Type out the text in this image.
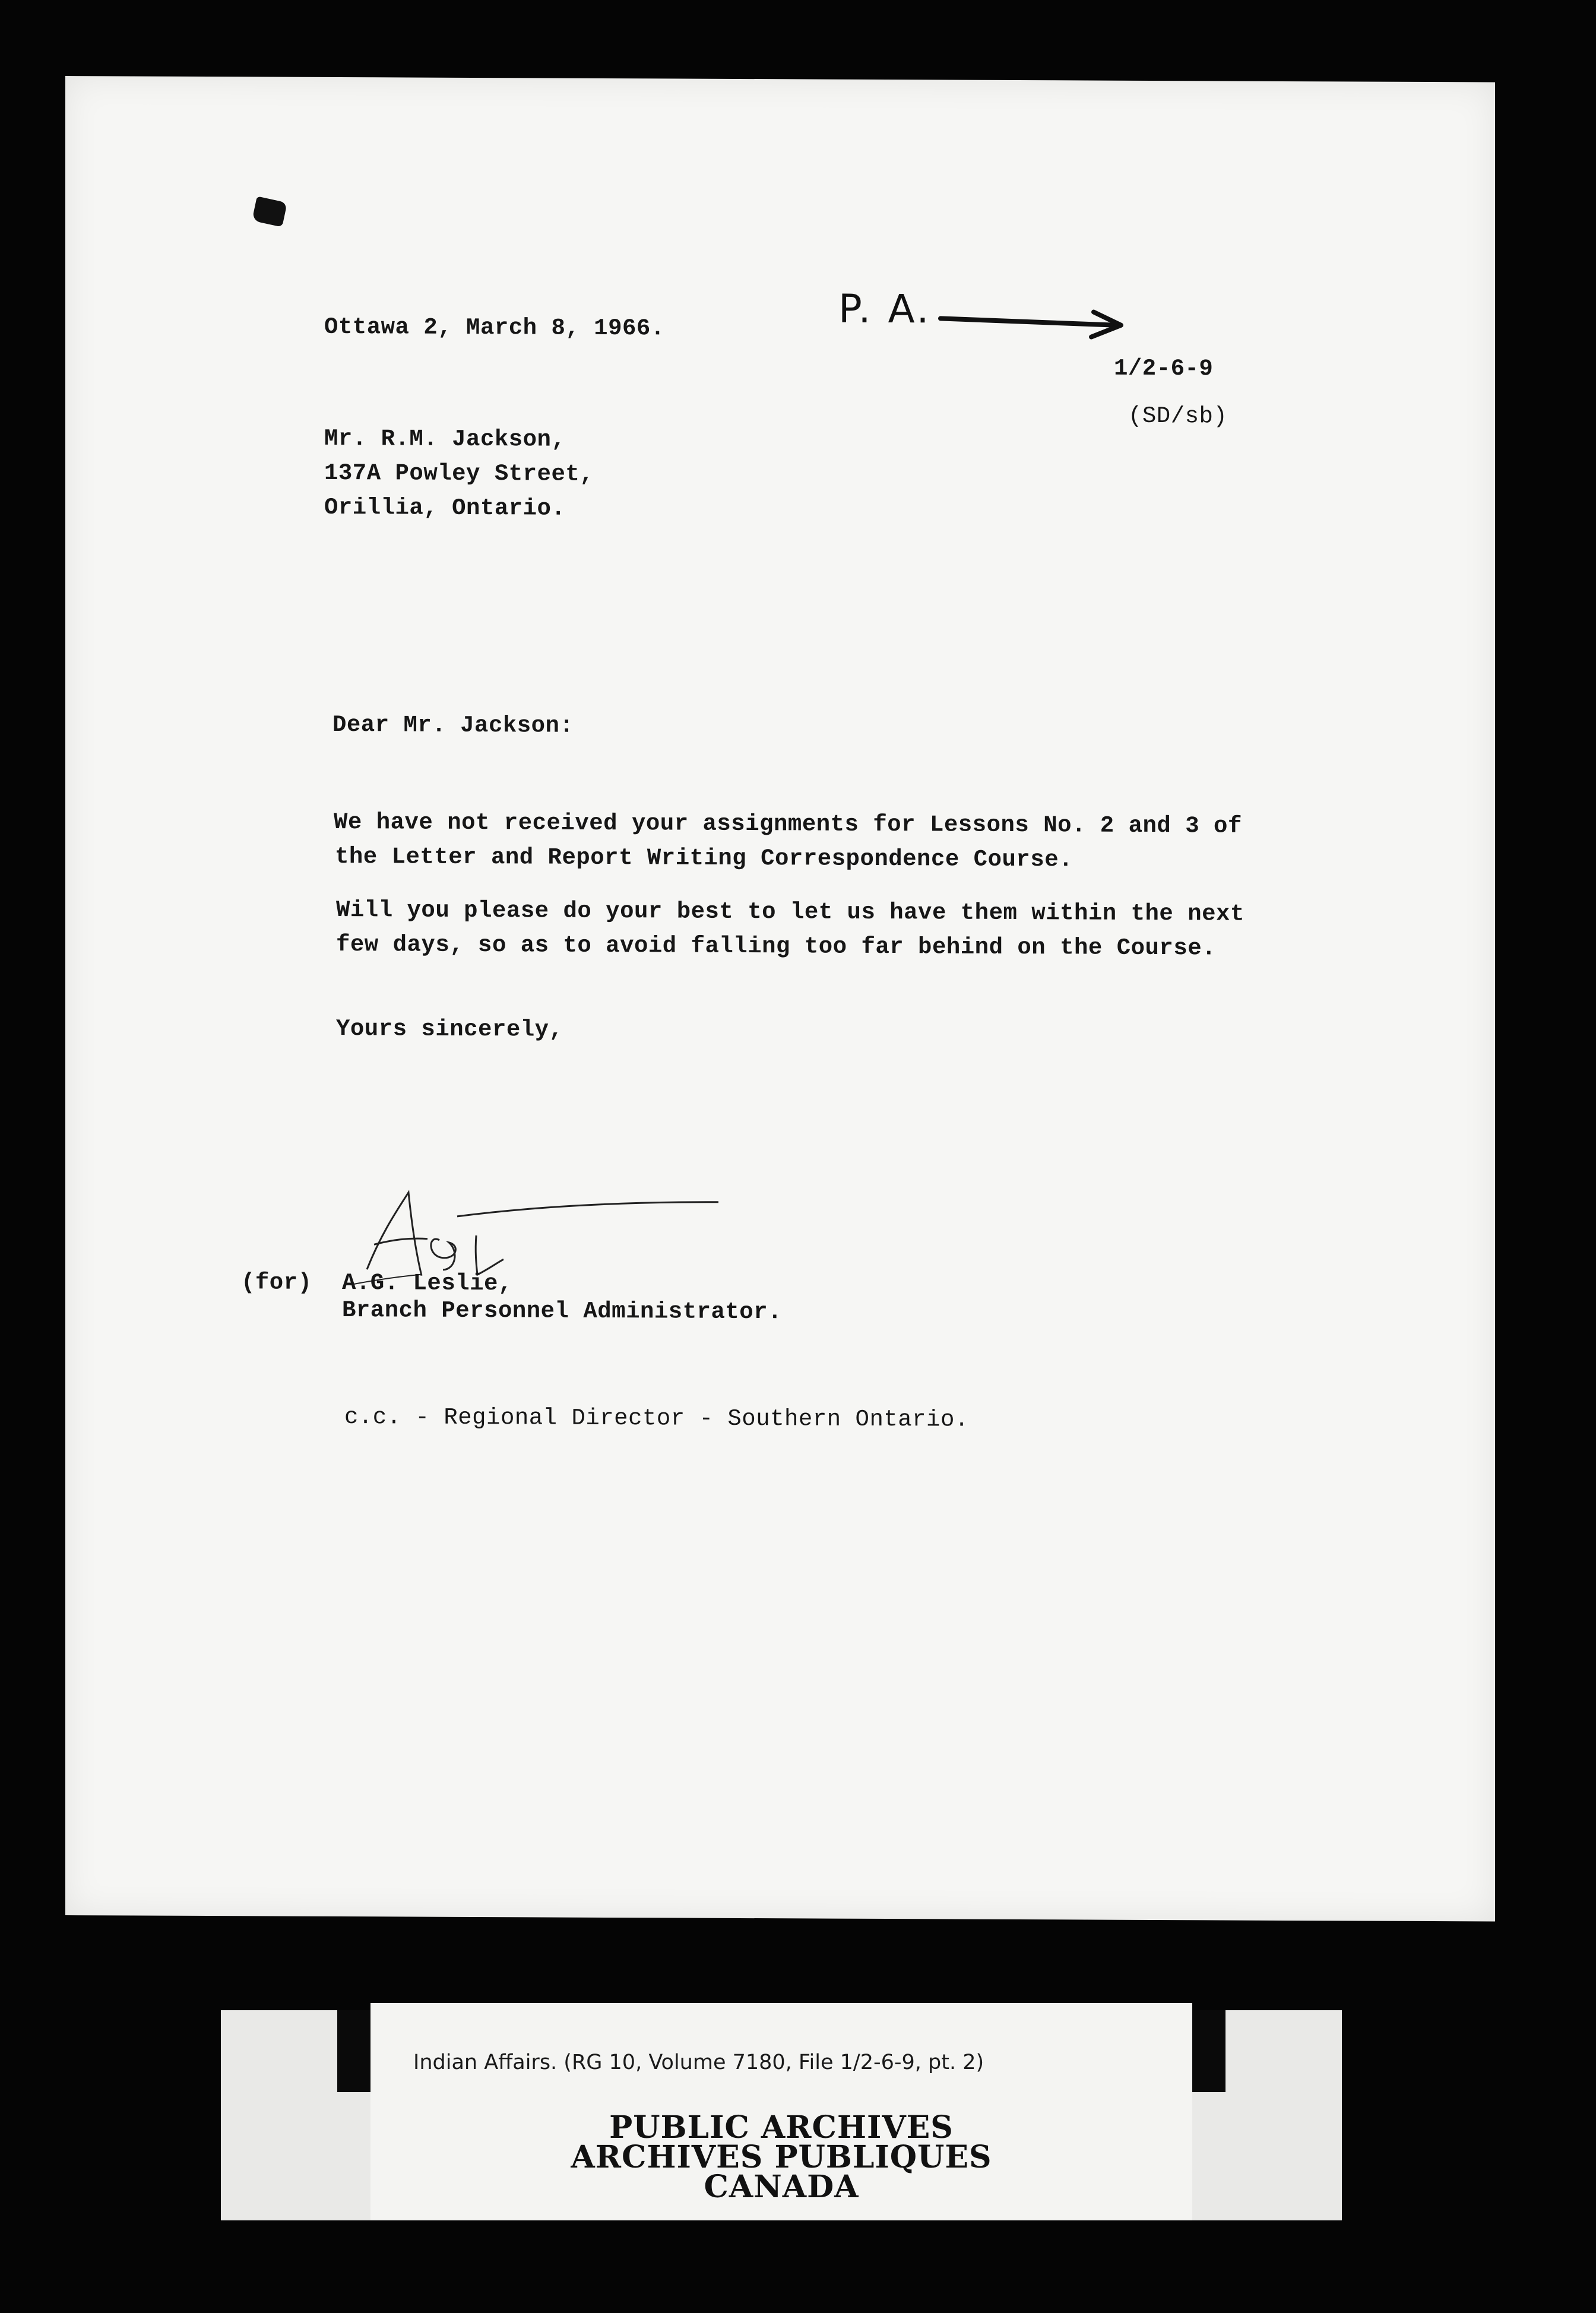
Ottawa 2, March 8, 1966.	P. A.
1/2-6-9
(SD/sb)
Mr. R.M. Jackson,
137A Powley Street,
Orillia, Ontario.
Dear Mr. Jackson:
We have not received your assignments for Lessons No. 2 and 3 of
the Letter and Report Writing Correspondence Course.
Will you please do your best to let us have them within the next
few days, so as to avoid falling too far behind on the Course.
Yours sincerely,
(for) A.G. Leslie,
Branch Personnel Administrator.
c.c. - Regional Director - Southern Ontario.
Indian Affairs. (RG 10, Volume 7180, File 1/2-6-9, pt. 2)
PUBLIC ARCHIVES
ARCHIVES PUBLIQUES
CANADA
